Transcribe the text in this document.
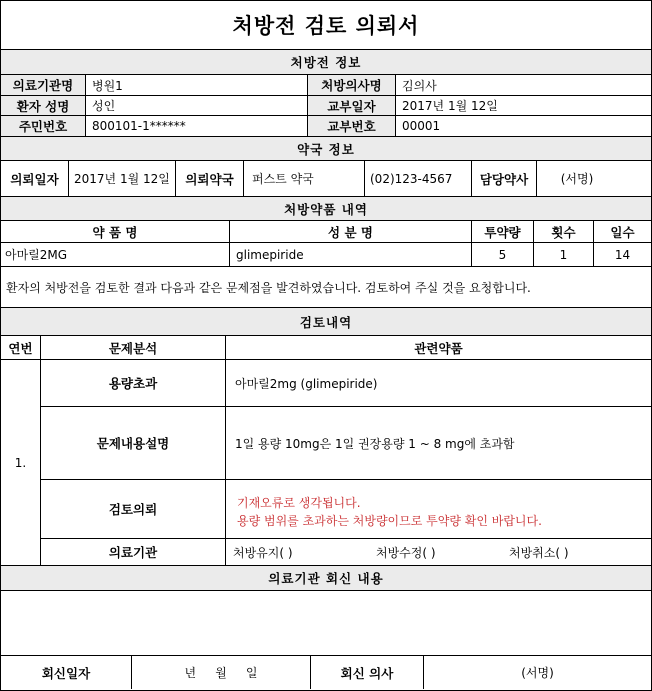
처방전 검토 의뢰서
처방전 정보
의료기관명	병원1	처방의사명	김의사
환자 성명	성인	교부일자	2017년 1월 12일
주민번호	800101-1******	교부번호	00001
약국 정보
의뢰일자	2017년 1월 12일	의뢰약국	퍼스트 약국	(02)123-4567	담당약사	(서명)
처방약품 내역
약 품 명	성 분 명	투약량	횟수	일수
아마릴2MG	glimepiride	5	1	14
환자의 처방전을 검토한 결과 다음과 같은 문제점을 발견하였습니다. 검토하여 주실 것을 요청합니다.
검토내역
연번	문제분석	관련약품
1.
용량초과	아마릴2mg (glimepiride)
문제내용설명	1일 용량 10mg은 1일 권장용량 1 ~ 8 mg에 초과함
검토의뢰	기재오류로 생각됩니다.
용량 범위를 초과하는 처방량이므로 투약량 확인 바랍니다.
의료기관	처방유지( )	처방수정( )	처방취소( )
의료기관 회신 내용
회신일자	년     월     일	회신 의사	(서명)
